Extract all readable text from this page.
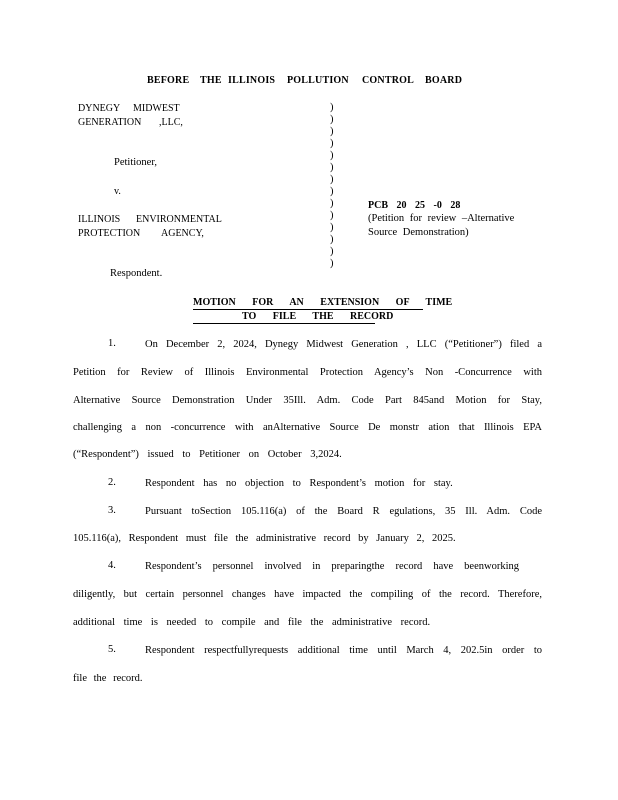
BEFORE THE ILLINOIS POLLUTION CONTROL BOARD
DYNEGY MIDWEST
GENERATION ,LLC,
Petitioner,
v.
ILLINOIS ENVIRONMENTAL
PROTECTION AGENCY,
Respondent.
)
)
)
)
)
)
)
)
)
)
)
)
)
)
PCB 20 25 -0 28
(Petition for review –Alternative
Source Demonstration)
MOTION FOR AN EXTENSION OF TIME
TO FILE THE RECORD
1.	On December 2, 2024, Dynegy Midwest Generation , LLC (“Petitioner”) filed a
Petition for Review of Illinois Environmental Protection Agency’s Non -Concurrence with
Alternative Source Demonstration Under 35Ill. Adm. Code Part 845and Motion for Stay,
challenging a non -concurrence with anAlternative Source De monstr ation that Illinois EPA
(“Respondent”) issued to Petitioner on October 3,2024.
2.	Respondent has no objection to Respondent’s motion for stay.
3.	Pursuant toSection 105.116(a) of the Board R egulations, 35 Ill. Adm. Code
105.116(a), Respondent must file the administrative record by January 2, 2025.
4.	Respondent’s personnel involved in preparingthe record have beenworking
diligently, but certain personnel changes have impacted the compiling of the record. Therefore,
additional time is needed to compile and file the administrative record.
5.	Respondent respectfullyrequests additional time until March 4, 202.5in order to
file the record.
